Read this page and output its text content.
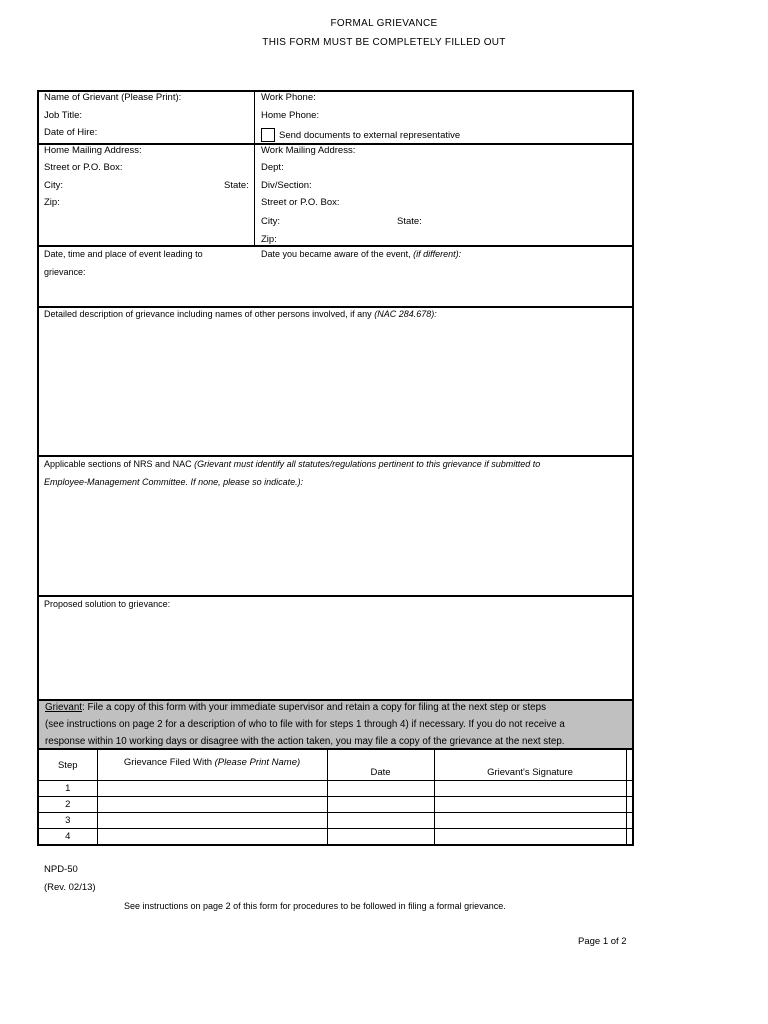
FORMAL GRIEVANCE
THIS FORM MUST BE COMPLETELY FILLED OUT
Name of Grievant (Please Print):
Job Title:
Date of Hire:
Work Phone:
Home Phone:
Send documents to external representative
Home Mailing Address:
Street or P.O. Box:
City:	State:
Zip:
Work Mailing Address:
Dept:
Div/Section:
Street or P.O. Box:
City:	State:
Zip:
Date, time and place of event leading to
grievance:
Date you became aware of the event, (if different):
Detailed description of grievance including names of other persons involved, if any (NAC 284.678):
Applicable sections of NRS and NAC (Grievant must identify all statutes/regulations pertinent to this grievance if submitted to
Employee-Management Committee. If none, please so indicate.):
Proposed solution to grievance:
Grievant: File a copy of this form with your immediate supervisor and retain a copy for filing at the next step or steps
(see instructions on page 2 for a description of who to file with for steps 1 through 4) if necessary. If you do not receive a
response within 10 working days or disagree with the action taken, you may file a copy of the grievance at the next step.
Step	Grievance Filed With (Please Print Name)	Date	Grievant's Signature	
1				
2				
3				
4				
NPD-50
(Rev. 02/13)
See instructions on page 2 of this form for procedures to be followed in filing a formal grievance.
Page 1 of 2
